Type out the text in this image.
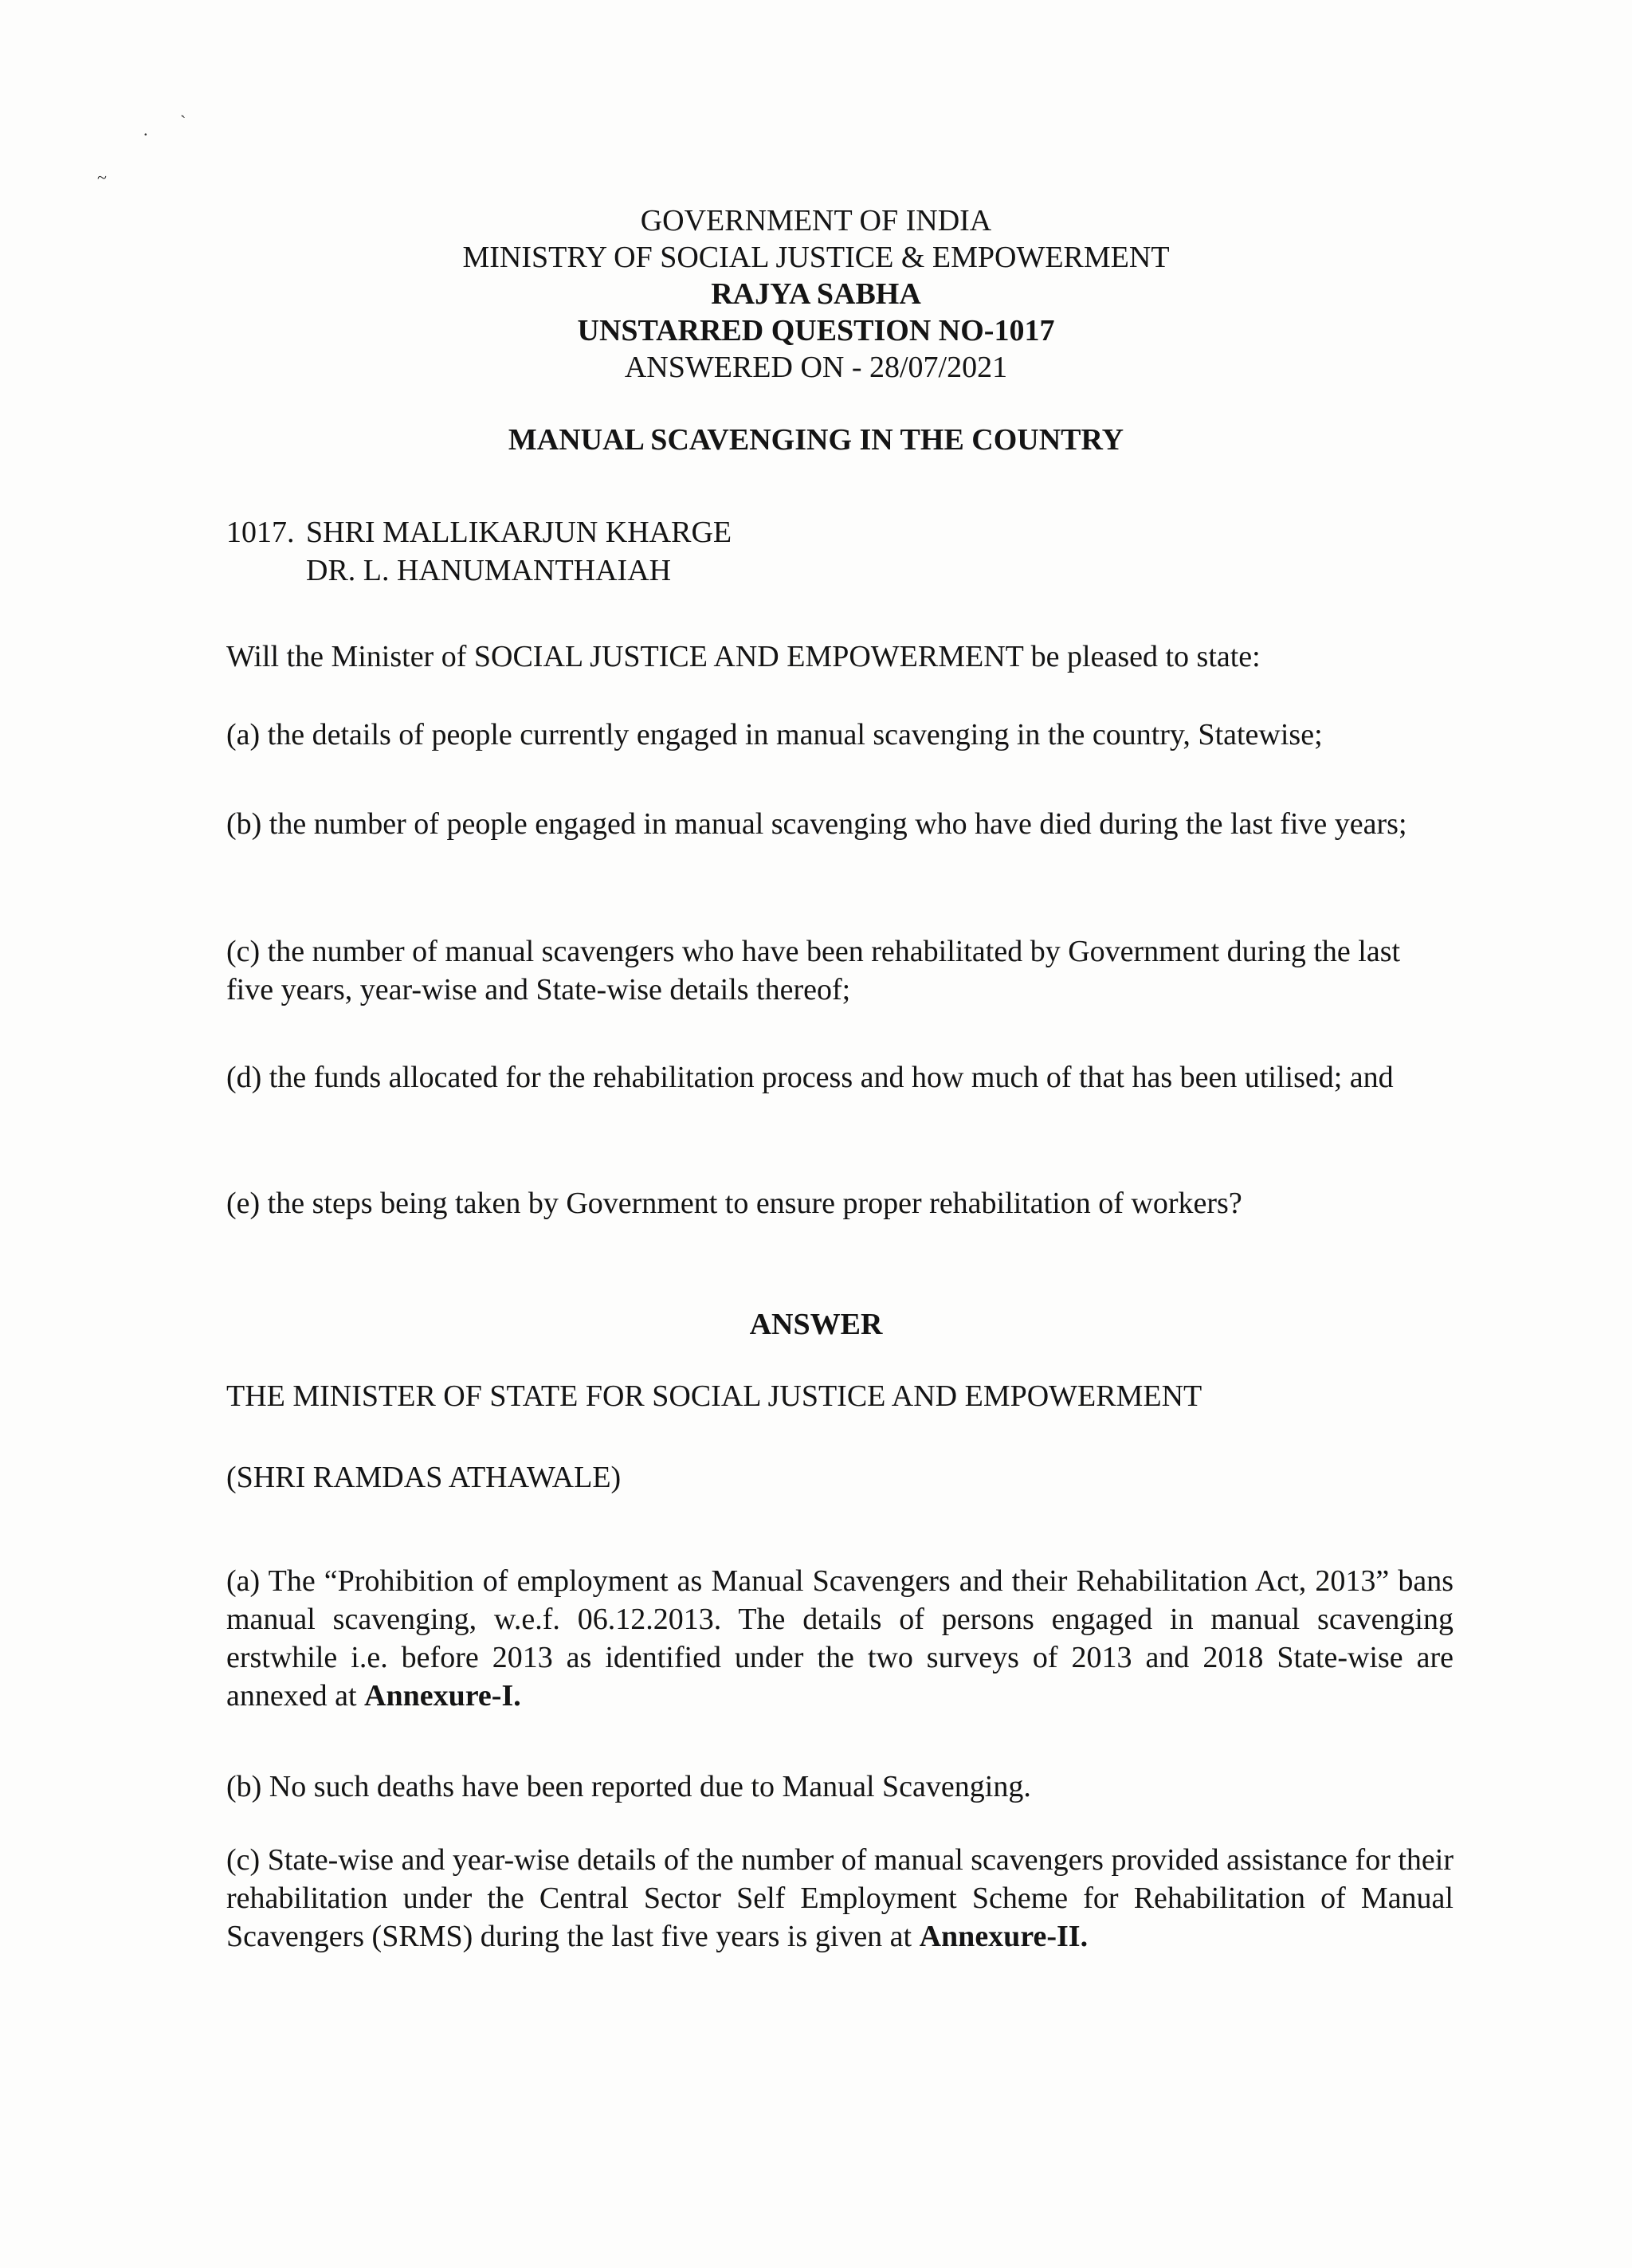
. `
~
GOVERNMENT OF INDIA
MINISTRY OF SOCIAL JUSTICE & EMPOWERMENT
RAJYA SABHA
UNSTARRED QUESTION NO-1017
ANSWERED ON - 28/07/2021
MANUAL SCAVENGING IN THE COUNTRY
1017. SHRI MALLIKARJUN KHARGE
DR. L. HANUMANTHAIAH
Will the Minister of SOCIAL JUSTICE AND EMPOWERMENT be pleased to state:
(a) the details of people currently engaged in manual scavenging in the country, Statewise;
(b) the number of people engaged in manual scavenging who have died during the last five years;
(c) the number of manual scavengers who have been rehabilitated by Government during the last five years, year-wise and State-wise details thereof;
(d) the funds allocated for the rehabilitation process and how much of that has been utilised; and
(e) the steps being taken by Government to ensure proper rehabilitation of workers?
ANSWER
THE MINISTER OF STATE FOR SOCIAL JUSTICE AND EMPOWERMENT
(SHRI RAMDAS ATHAWALE)
(a) The “Prohibition of employment as Manual Scavengers and their Rehabilitation Act, 2013” bans manual scavenging, w.e.f. 06.12.2013. The details of persons engaged in manual scavenging erstwhile i.e. before 2013 as identified under the two surveys of 2013 and 2018 State-wise are annexed at Annexure-I.
(b) No such deaths have been reported due to Manual Scavenging.
(c) State-wise and year-wise details of the number of manual scavengers provided assistance for their rehabilitation under the Central Sector Self Employment Scheme for Rehabilitation of Manual Scavengers (SRMS) during the last five years is given at Annexure-II.
